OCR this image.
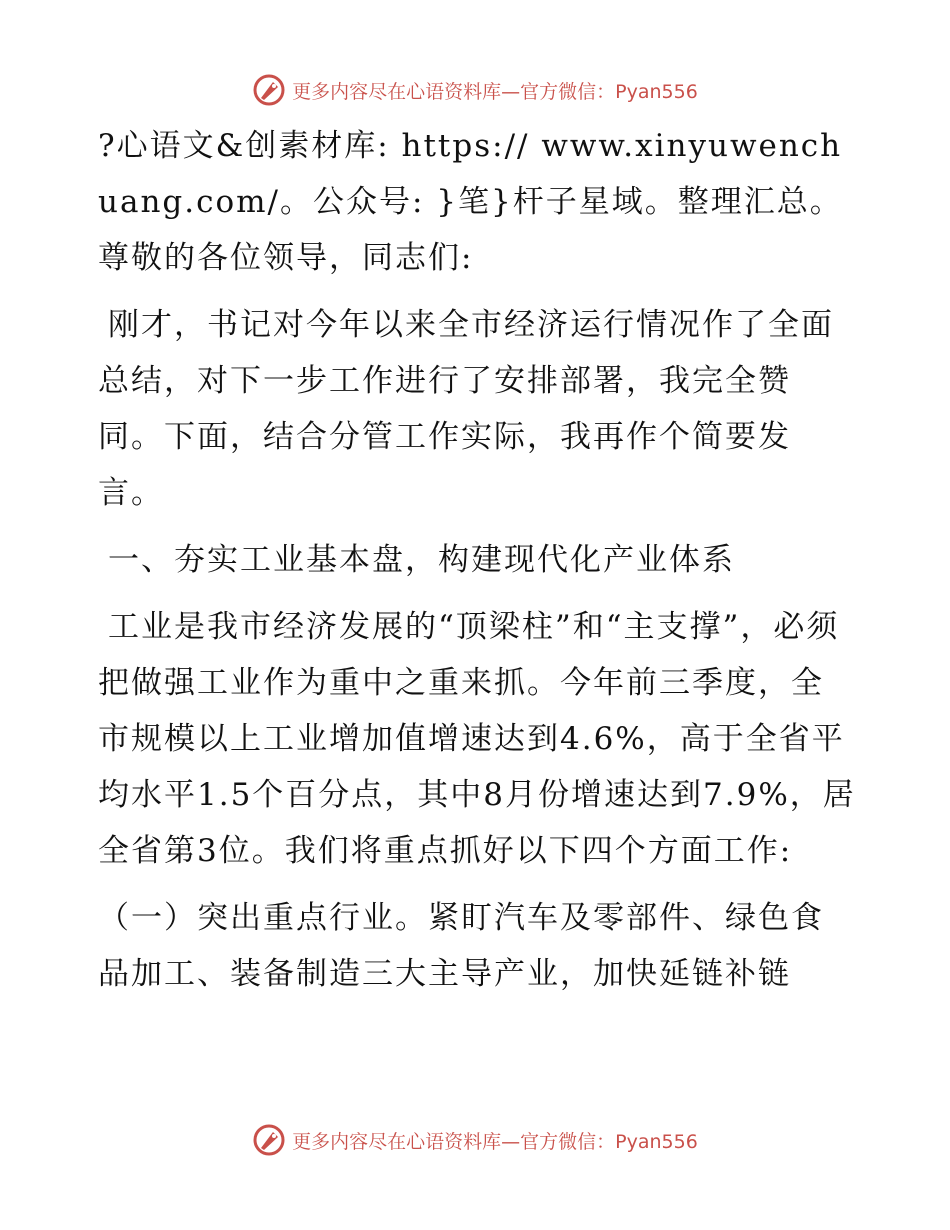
更多内容尽在心语资料库—官方微信：Pyan556

?心语文&创素材库: https:// www.xinyuwenchuang.com/。公众号: }笔}杆子星域。整理汇总。尊敬的各位领导，同志们:

刚才，书记对今年以来全市经济运行情况作了全面总结，对下一步工作进行了安排部署，我完全赞同。下面，结合分管工作实际，我再作个简要发言。

一、夯实工业基本盘，构建现代化产业体系

工业是我市经济发展的“顶梁柱”和“主支撑”，必须把做强工业作为重中之重来抓。今年前三季度，全市规模以上工业增加值增速达到4.6%，高于全省平均水平1.5个百分点，其中8月份增速达到7.9%，居全省第3位。我们将重点抓好以下四个方面工作:

（一）突出重点行业。紧盯汽车及零部件、绿色食品加工、装备制造三大主导产业，加快延链补链

更多内容尽在心语资料库—官方微信：Pyan556
